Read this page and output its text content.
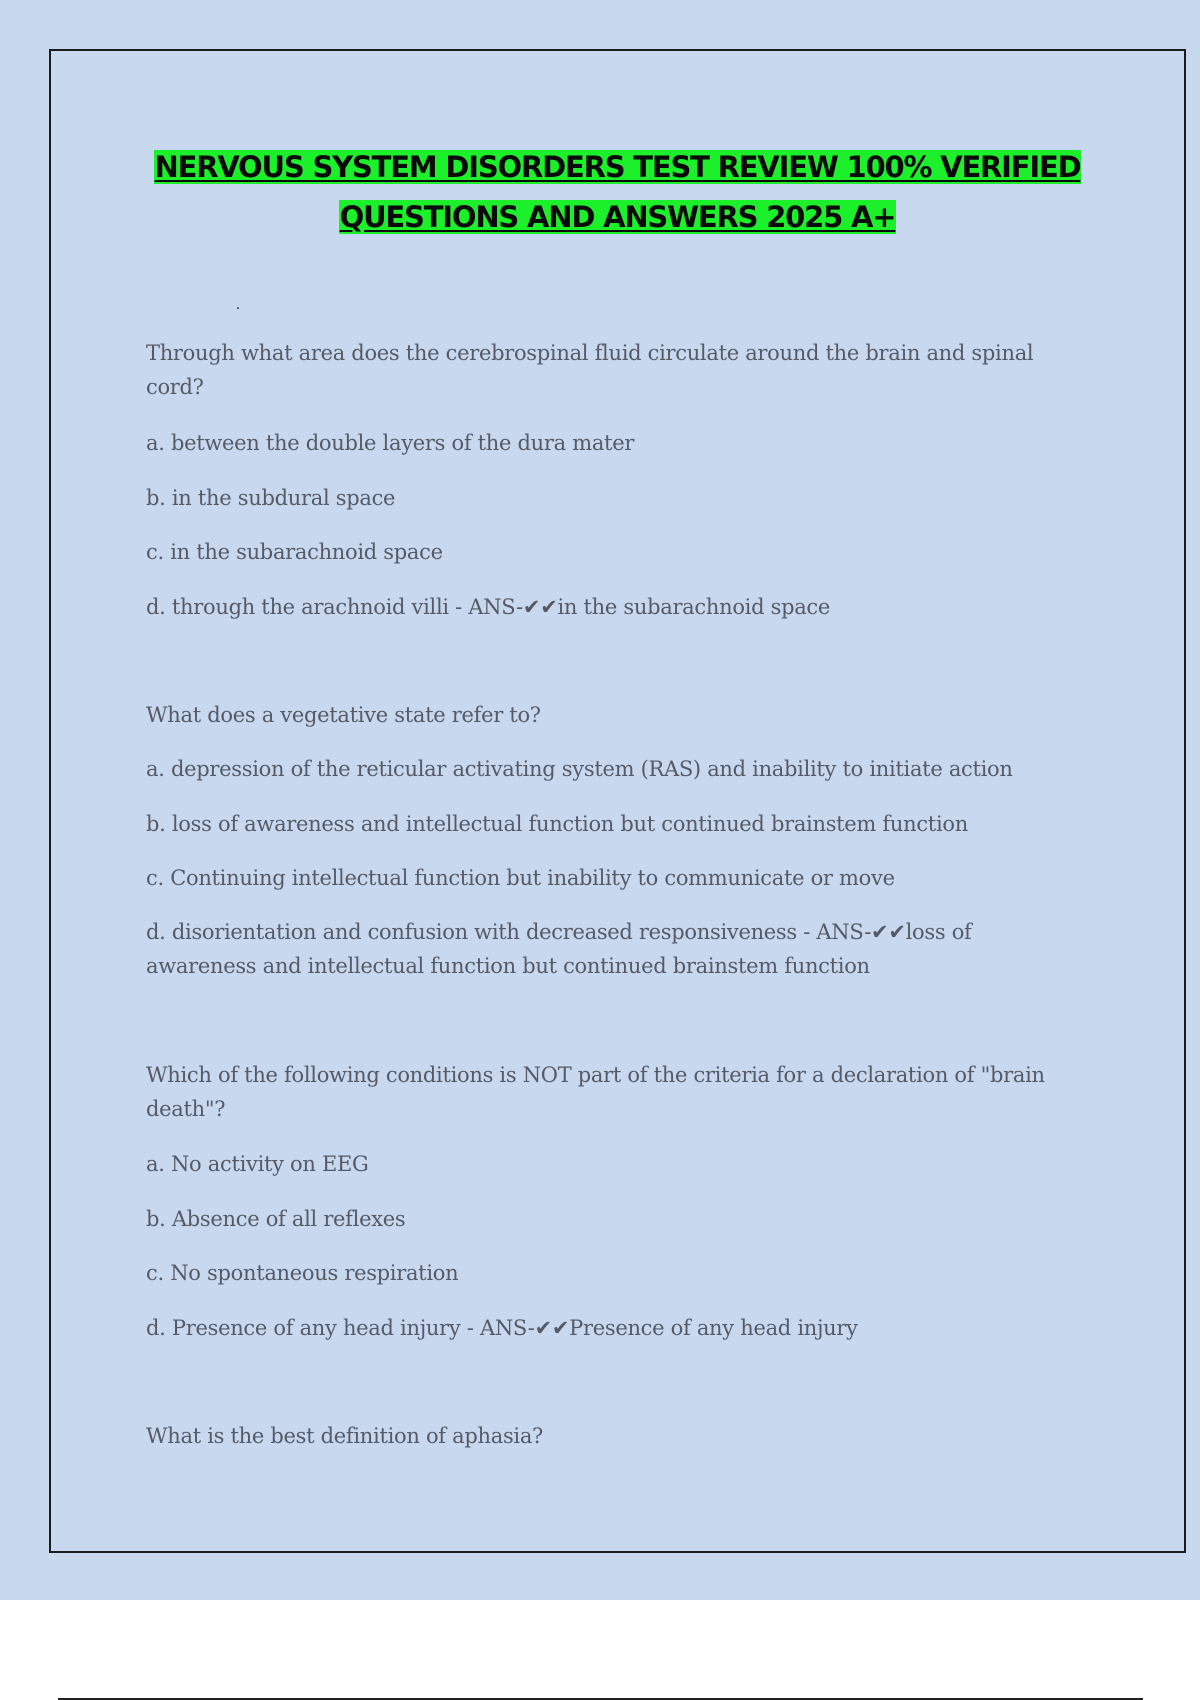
NERVOUS SYSTEM DISORDERS TEST REVIEW 100% VERIFIED
QUESTIONS AND ANSWERS 2025 A+
.
Through what area does the cerebrospinal fluid circulate around the brain and spinal cord?
a. between the double layers of the dura mater
b. in the subdural space
c. in the subarachnoid space
d. through the arachnoid villi - ANS-✔✔in the subarachnoid space
What does a vegetative state refer to?
a. depression of the reticular activating system (RAS) and inability to initiate action
b. loss of awareness and intellectual function but continued brainstem function
c. Continuing intellectual function but inability to communicate or move
d. disorientation and confusion with decreased responsiveness - ANS-✔✔loss of awareness and intellectual function but continued brainstem function
Which of the following conditions is NOT part of the criteria for a declaration of "brain death"?
a. No activity on EEG
b. Absence of all reflexes
c. No spontaneous respiration
d. Presence of any head injury - ANS-✔✔Presence of any head injury
What is the best definition of aphasia?
